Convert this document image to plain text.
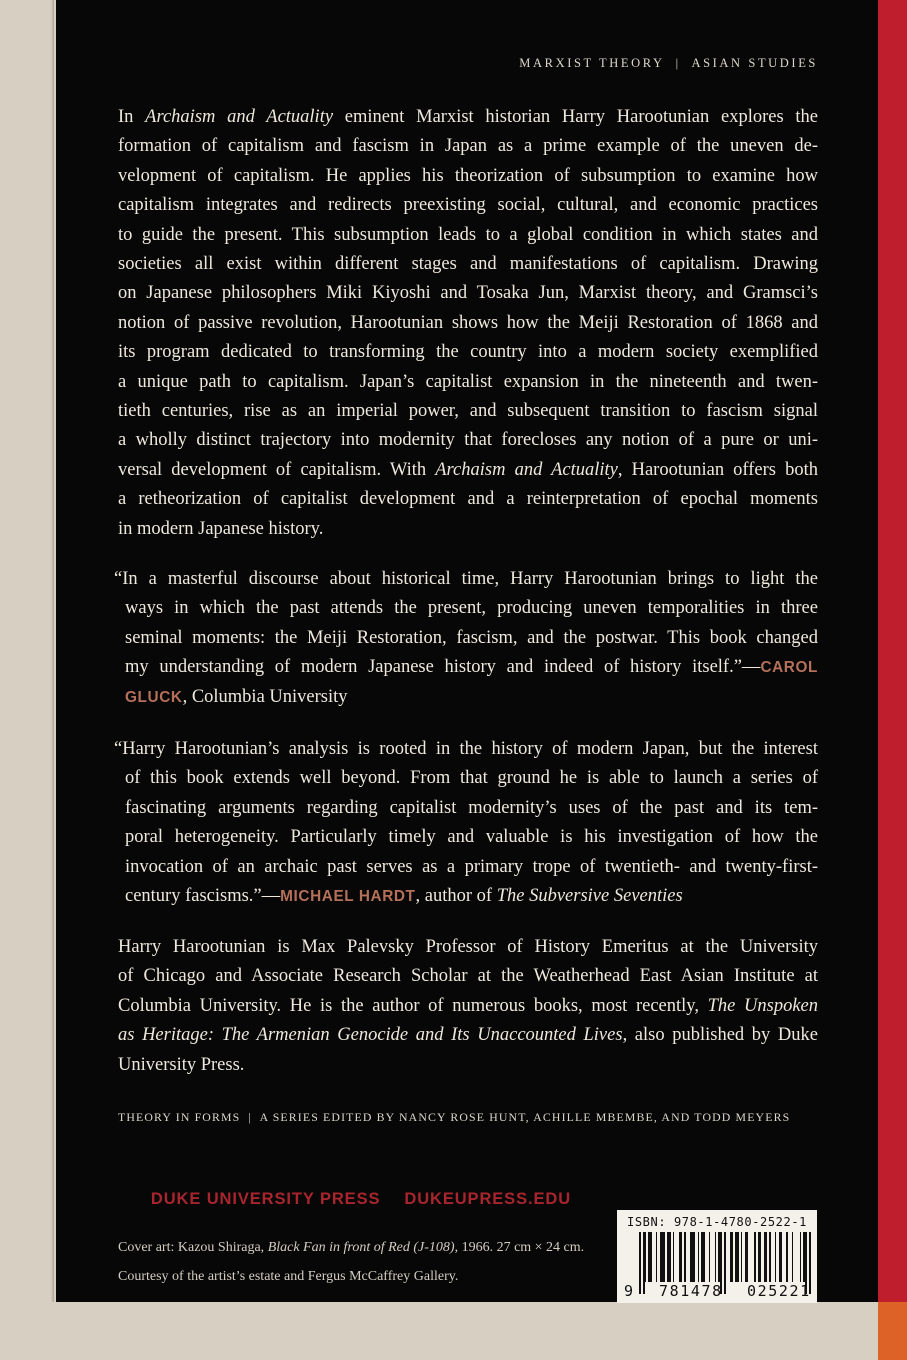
MARXIST THEORY  |  ASIAN STUDIES
In Archaism and Actuality eminent Marxist historian Harry Harootunian explores the
formation of capitalism and fascism in Japan as a prime example of the uneven de-
velopment of capitalism. He applies his theorization of subsumption to examine how
capitalism integrates and redirects preexisting social, cultural, and economic practices
to guide the present. This subsumption leads to a global condition in which states and
societies all exist within different stages and manifestations of capitalism. Drawing
on Japanese philosophers Miki Kiyoshi and Tosaka Jun, Marxist theory, and Gramsci’s
notion of passive revolution, Harootunian shows how the Meiji Restoration of 1868 and
its program dedicated to transforming the country into a modern society exemplified
a unique path to capitalism. Japan’s capitalist expansion in the nineteenth and twen-
tieth centuries, rise as an imperial power, and subsequent transition to fascism signal
a wholly distinct trajectory into modernity that forecloses any notion of a pure or uni-
versal development of capitalism. With Archaism and Actuality, Harootunian offers both
a retheorization of capitalist development and a reinterpretation of epochal moments
in modern Japanese history.
“In a masterful discourse about historical time, Harry Harootunian brings to light the
ways in which the past attends the present, producing uneven temporalities in three
seminal moments: the Meiji Restoration, fascism, and the postwar. This book changed
my understanding of modern Japanese history and indeed of history itself.”—CAROL
GLUCK, Columbia University
“Harry Harootunian’s analysis is rooted in the history of modern Japan, but the interest
of this book extends well beyond. From that ground he is able to launch a series of
fascinating arguments regarding capitalist modernity’s uses of the past and its tem-
poral heterogeneity. Particularly timely and valuable is his investigation of how the
invocation of an archaic past serves as a primary trope of twentieth- and twenty-first-
century fascisms.”—MICHAEL HARDT, author of The Subversive Seventies
Harry Harootunian is Max Palevsky Professor of History Emeritus at the University
of Chicago and Associate Research Scholar at the Weatherhead East Asian Institute at
Columbia University. He is the author of numerous books, most recently, The Unspoken
as Heritage: The Armenian Genocide and Its Unaccounted Lives, also published by Duke
University Press.
THEORY IN FORMS  |  A SERIES EDITED BY NANCY ROSE HUNT, ACHILLE MBEMBE, AND TODD MEYERS

DUKE UNIVERSITY PRESS DUKEUPRESS.EDU

Cover art: Kazou Shiraga, Black Fan in front of Red (J-108), 1966. 27 cm × 24 cm.
Courtesy of the artist’s estate and Fergus McCaffrey Gallery.
ISBN: 978-1-4780-2522-1
9 781478 025221
